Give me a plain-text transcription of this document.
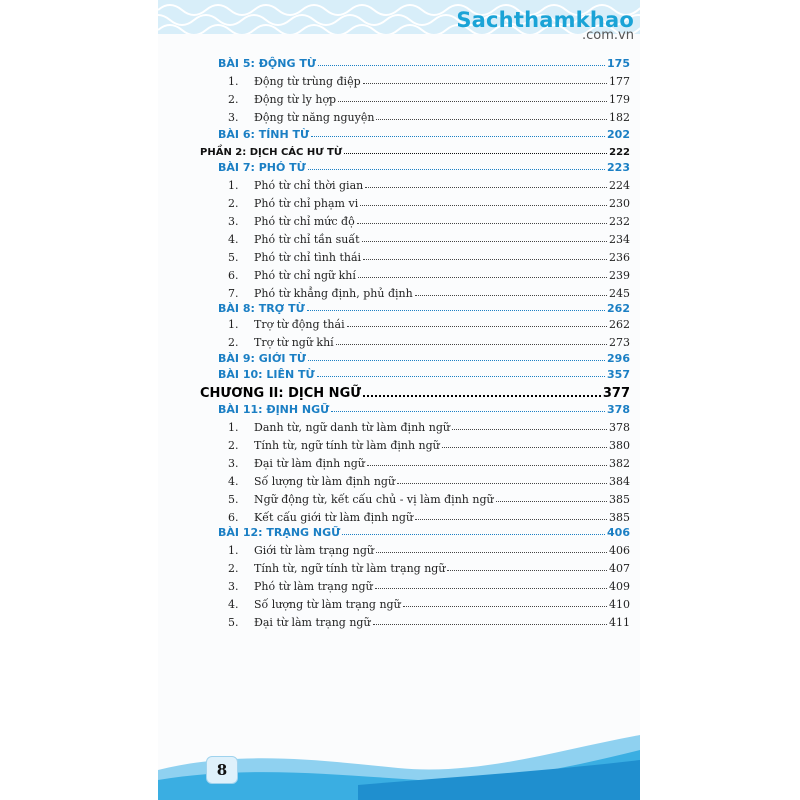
Sachthamkhao
.com.vn
BÀI 5: ĐỘNG TỪ	175
1.	Động từ trùng điệp	177
2.	Động từ ly hợp	179
3.	Động từ năng nguyện	182
BÀI 6: TÍNH TỪ	202
PHẦN 2: DỊCH CÁC HƯ TỪ	222
BÀI 7: PHÓ TỪ	223
1.	Phó từ chỉ thời gian	224
2.	Phó từ chỉ phạm vi	230
3.	Phó từ chỉ mức độ	232
4.	Phó từ chỉ tần suất	234
5.	Phó từ chỉ tình thái	236
6.	Phó từ chỉ ngữ khí	239
7.	Phó từ khẳng định, phủ định	245
BÀI 8: TRỢ TỪ	262
1.	Trợ từ động thái	262
2.	Trợ từ ngữ khí	273
BÀI 9: GIỚI TỪ	296
BÀI 10: LIÊN TỪ	357
CHƯƠNG II: DỊCH NGỮ	377
BÀI 11: ĐỊNH NGỮ	378
1.	Danh từ, ngữ danh từ làm định ngữ	378
2.	Tính từ, ngữ tính từ làm định ngữ	380
3.	Đại từ làm định ngữ	382
4.	Số lượng từ làm định ngữ	384
5.	Ngữ động từ, kết cấu chủ - vị làm định ngữ	385
6.	Kết cấu giới từ làm định ngữ	385
BÀI 12: TRẠNG NGỮ	406
1.	Giới từ làm trạng ngữ	406
2.	Tính từ, ngữ tính từ làm trạng ngữ	407
3.	Phó từ làm trạng ngữ	409
4.	Số lượng từ làm trạng ngữ	410
5.	Đại từ làm trạng ngữ	411
8
